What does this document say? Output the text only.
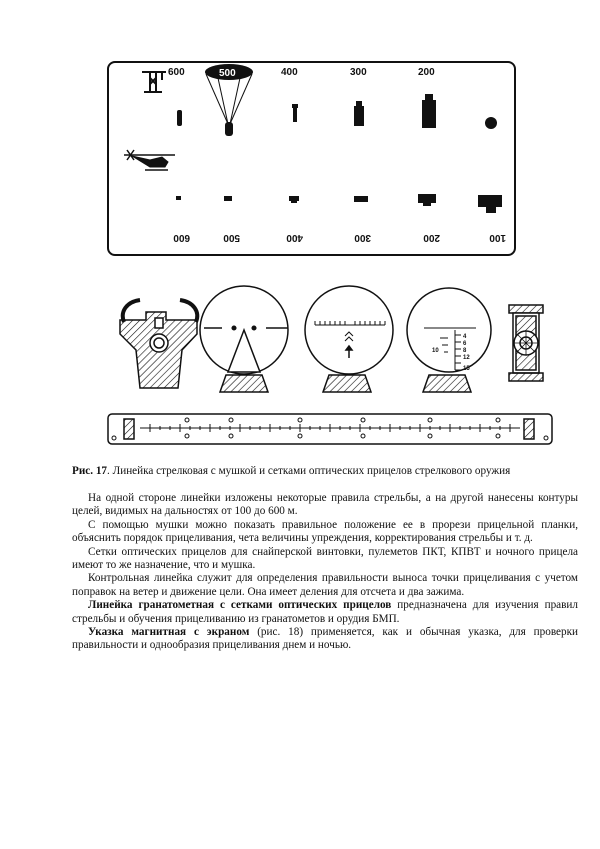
600	500	400	300	200
600	500	400	300	200	100
4
6
8
10
12
15
Рис. 17. Линейка стрелковая с мушкой и сетками оптических прицелов стрелкового оружия

На одной стороне линейки изложены некоторые правила стрельбы, а на другой нанесены контуры целей, видимых на дальностях от 100 до 600 м.

С помощью мушки можно показать правильное положение ее в прорези прицельной планки, объяснить порядок прицеливания, чета величины упреждения, корректирования стрельбы и т. д.

Сетки оптических прицелов для снайперской винтовки, пулеметов ПКТ, КПВТ и ночного прицела имеют то же назначение, что и мушка.

Контрольная линейка служит для определения правильности выноса точки прицеливания с учетом поправок на ветер и движение цели. Она имеет деления для отсчета и два зажима.

Линейка гранатометная с сетками оптических прицелов предназначена для изучения правил стрельбы и обучения прицеливанию из гранатометов и орудия БМП.

Указка магнитная с экраном (рис. 18) применяется, как и обычная указка, для проверки правильности и однообразия прицеливания днем и ночью.
